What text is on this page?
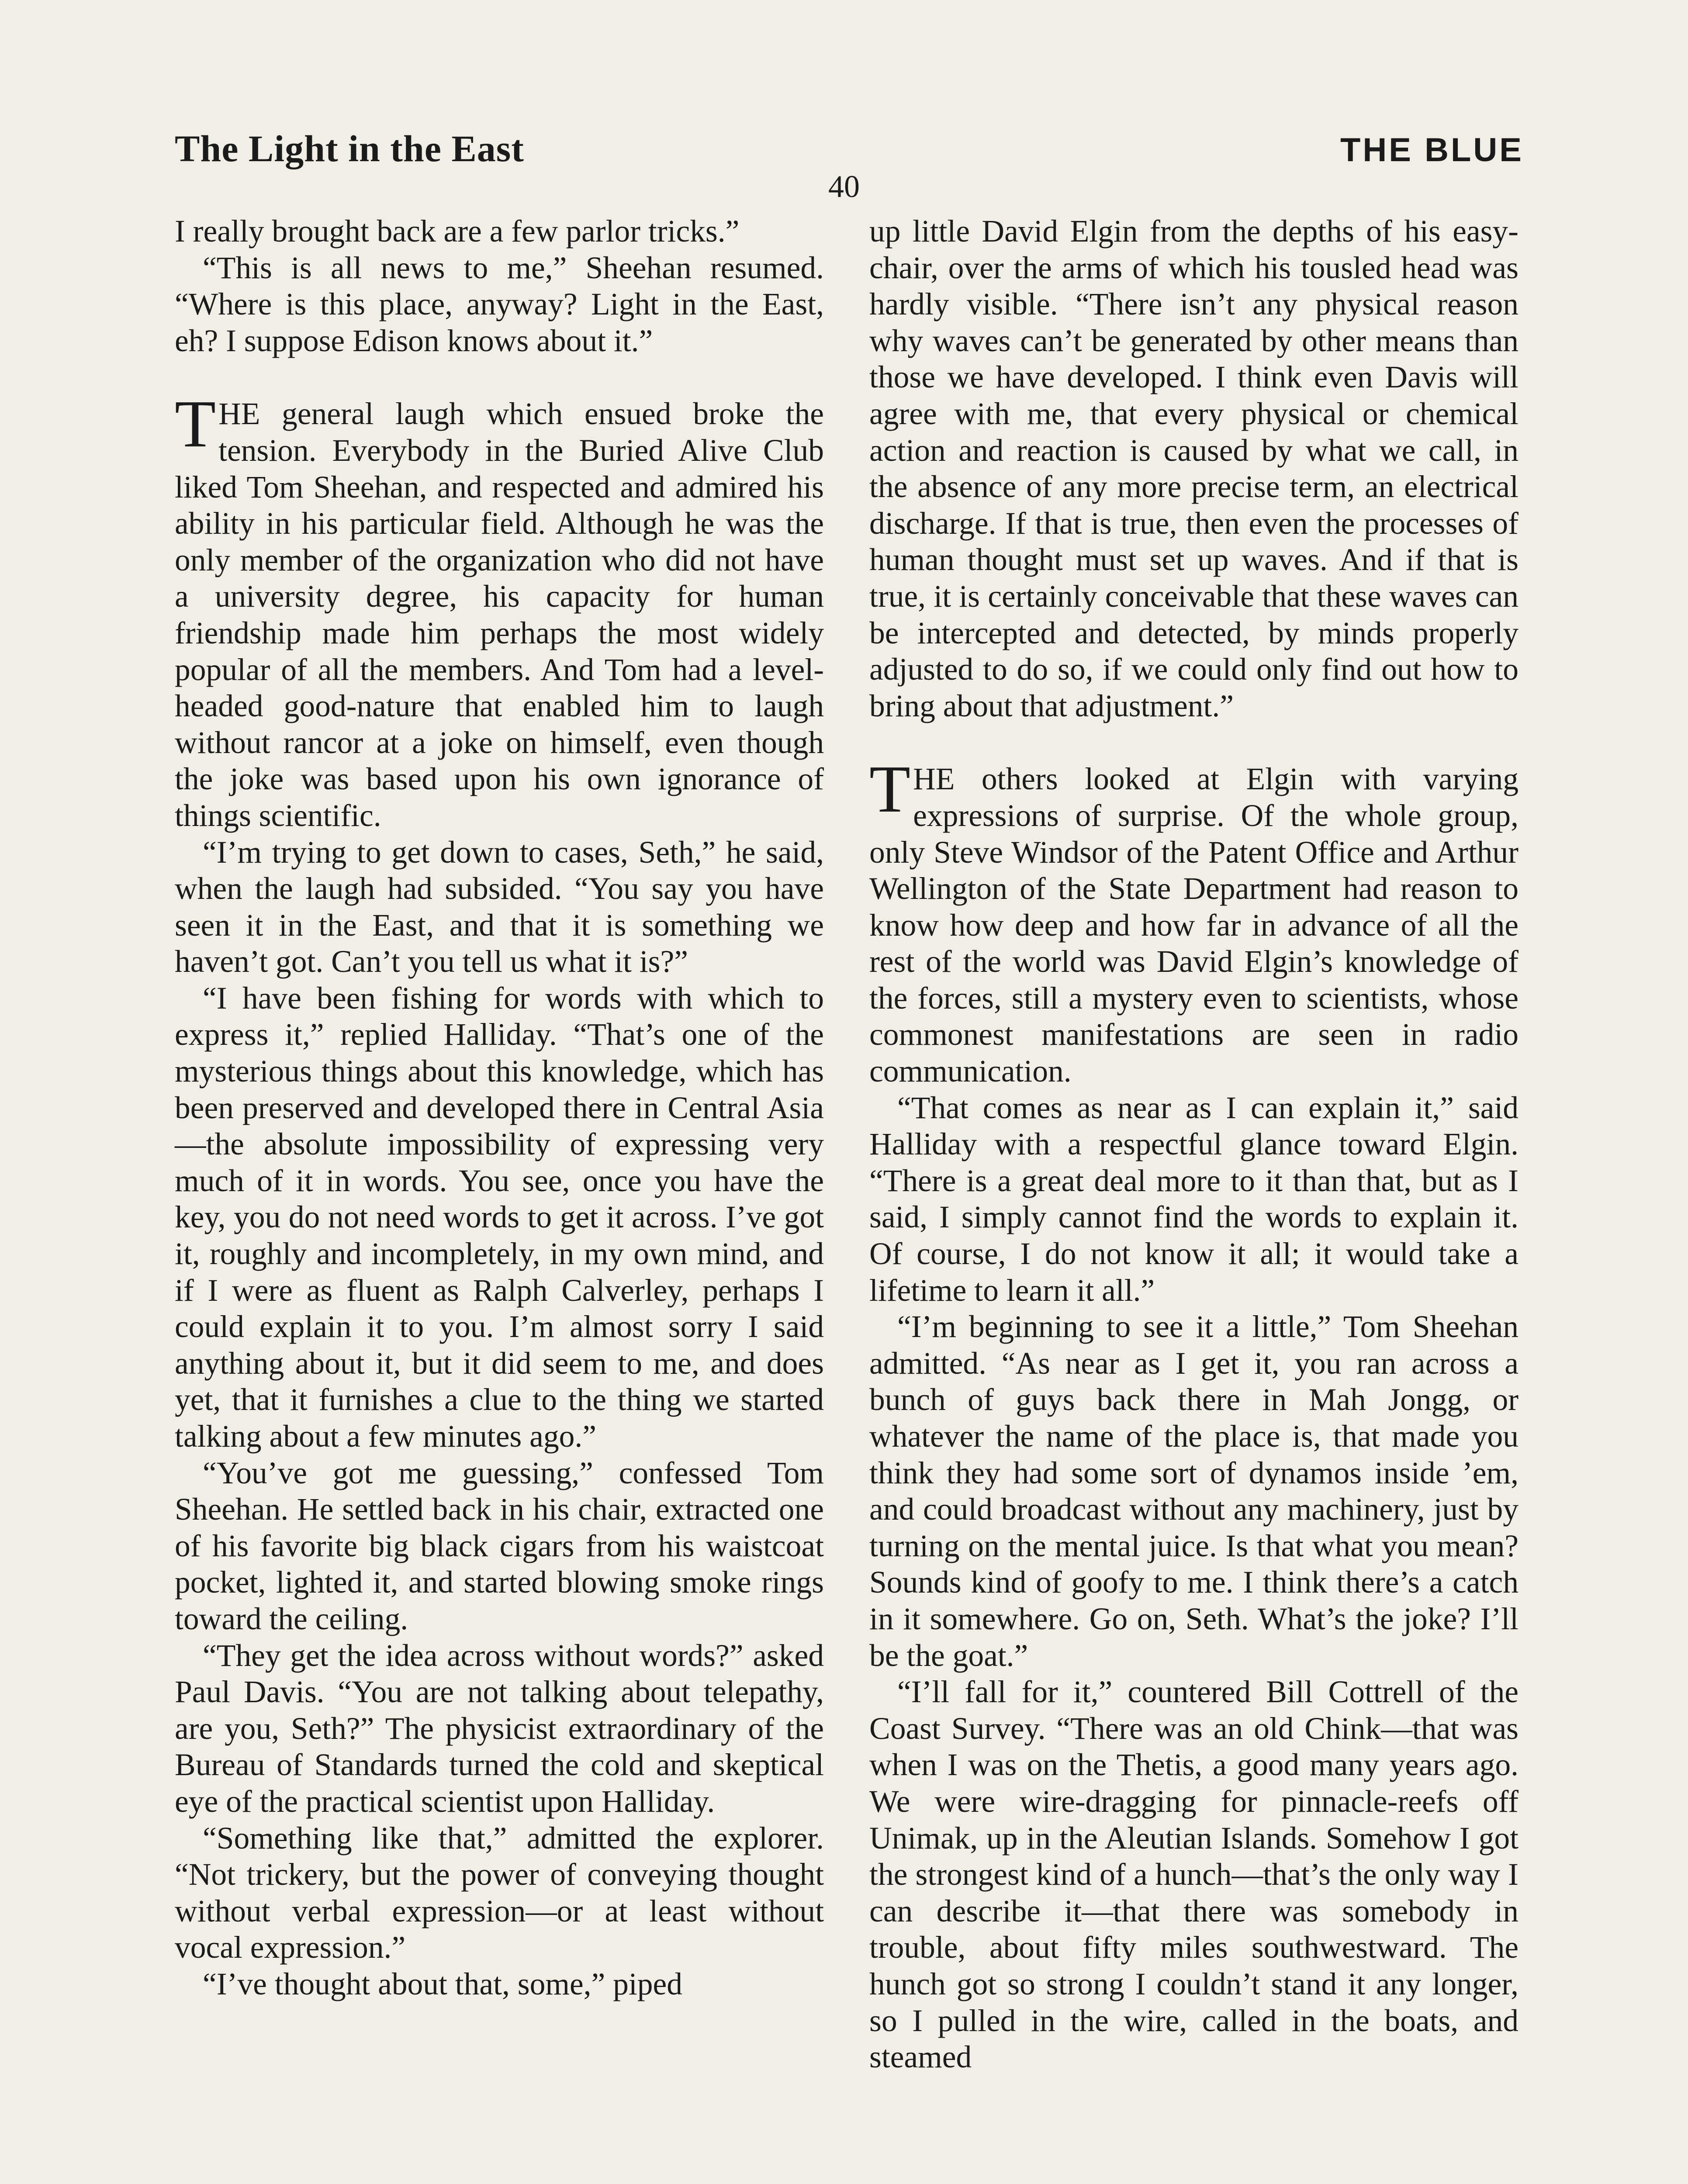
The Light in the East	THE BLUE
40

I really brought back are a few parlor tricks.”

“This is all news to me,” Sheehan resumed. “Where is this place, anyway? Light in the East, eh? I suppose Edison knows about it.”

THE general laugh which ensued broke the tension. Everybody in the Buried Alive Club liked Tom Sheehan, and respected and admired his ability in his particular field. Although he was the only member of the organization who did not have a university degree, his capacity for human friendship made him perhaps the most widely popular of all the members. And Tom had a level-headed good-nature that enabled him to laugh without rancor at a joke on himself, even though the joke was based upon his own ignorance of things scientific.

“I’m trying to get down to cases, Seth,” he said, when the laugh had subsided. “You say you have seen it in the East, and that it is something we haven’t got. Can’t you tell us what it is?”

“I have been fishing for words with which to express it,” replied Halliday. “That’s one of the mysterious things about this knowledge, which has been preserved and developed there in Central Asia—the absolute impossibility of expressing very much of it in words. You see, once you have the key, you do not need words to get it across. I’ve got it, roughly and incompletely, in my own mind, and if I were as fluent as Ralph Calverley, perhaps I could explain it to you. I’m almost sorry I said anything about it, but it did seem to me, and does yet, that it furnishes a clue to the thing we started talking about a few minutes ago.”

“You’ve got me guessing,” confessed Tom Sheehan. He settled back in his chair, extracted one of his favorite big black cigars from his waistcoat pocket, lighted it, and started blowing smoke rings toward the ceiling.

“They get the idea across without words?” asked Paul Davis. “You are not talking about telepathy, are you, Seth?” The physicist extraordinary of the Bureau of Standards turned the cold and skeptical eye of the practical scientist upon Halliday.

“Something like that,” admitted the explorer. “Not trickery, but the power of conveying thought without verbal expression—or at least without vocal expression.”

“I’ve thought about that, some,” piped

up little David Elgin from the depths of his easy-chair, over the arms of which his tousled head was hardly visible. “There isn’t any physical reason why waves can’t be generated by other means than those we have developed. I think even Davis will agree with me, that every physical or chemical action and reaction is caused by what we call, in the absence of any more precise term, an electrical discharge. If that is true, then even the processes of human thought must set up waves. And if that is true, it is certainly conceivable that these waves can be intercepted and detected, by minds properly adjusted to do so, if we could only find out how to bring about that adjustment.”

THE others looked at Elgin with varying expressions of surprise. Of the whole group, only Steve Windsor of the Patent Office and Arthur Wellington of the State Department had reason to know how deep and how far in advance of all the rest of the world was David Elgin’s knowledge of the forces, still a mystery even to scientists, whose commonest manifestations are seen in radio communication.

“That comes as near as I can explain it,” said Halliday with a respectful glance toward Elgin. “There is a great deal more to it than that, but as I said, I simply cannot find the words to explain it. Of course, I do not know it all; it would take a lifetime to learn it all.”

“I’m beginning to see it a little,” Tom Sheehan admitted. “As near as I get it, you ran across a bunch of guys back there in Mah Jongg, or whatever the name of the place is, that made you think they had some sort of dynamos inside ’em, and could broadcast without any machinery, just by turning on the mental juice. Is that what you mean? Sounds kind of goofy to me. I think there’s a catch in it somewhere. Go on, Seth. What’s the joke? I’ll be the goat.”

“I’ll fall for it,” countered Bill Cottrell of the Coast Survey. “There was an old Chink—that was when I was on the Thetis, a good many years ago. We were wire-dragging for pinnacle-reefs off Unimak, up in the Aleutian Islands. Somehow I got the strongest kind of a hunch—that’s the only way I can describe it—that there was somebody in trouble, about fifty miles southwestward. The hunch got so strong I couldn’t stand it any longer, so I pulled in the wire, called in the boats, and steamed
